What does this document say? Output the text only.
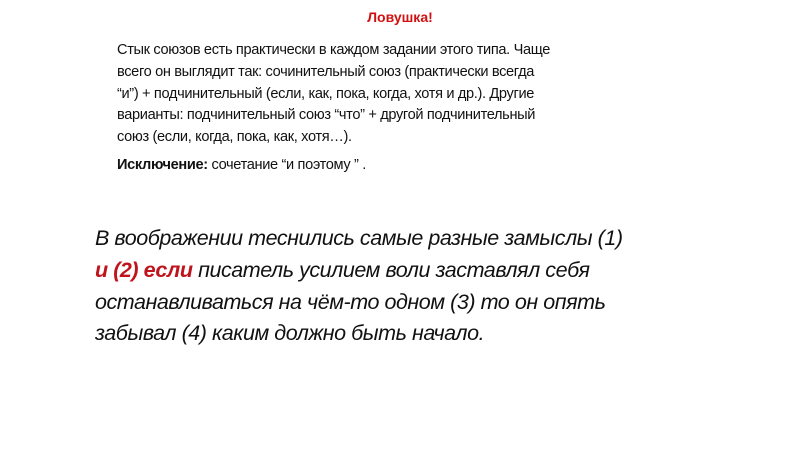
Ловушка!
Стык союзов есть практически в каждом задании этого типа. Чаще
всего он выглядит так: сочинительный союз (практически всегда
“и”) + подчинительный (если, как, пока, когда, хотя и др.). Другие
варианты: подчинительный союз “что” + другой подчинительный
союз (если, когда, пока, как, хотя…).
Исключение: сочетание “и поэтому ” .
В воображении теснились самые разные замыслы (1)
и (2) если писатель усилием воли заставлял себя
останавливаться на чём-то одном (3) то он опять
забывал (4) каким должно быть начало.
